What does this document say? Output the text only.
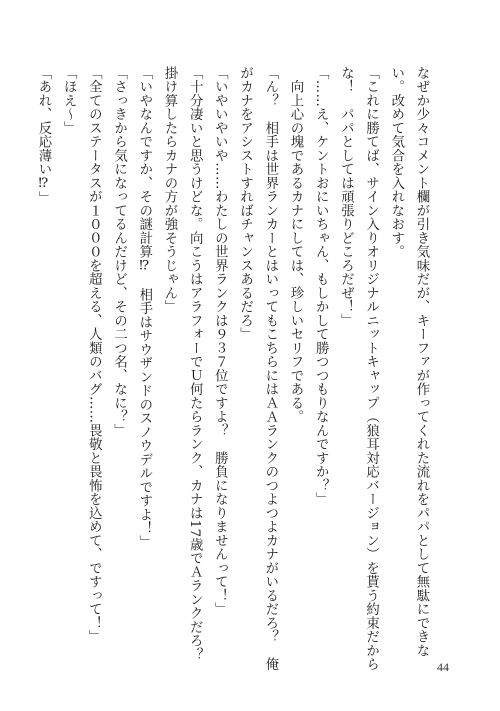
なぜか少々コメント欄が引き気味だが、キーファが作ってくれた流れをパパとして無駄にできな
い。改めて気合を入れなおす。
「これに勝てば、サイン入りオリジナルニットキャップ（狼耳対応バージョン）を貰う約束だから
な！　パパとしては頑張りどころだぜ！」
「……え、ケントおにいちゃん、もしかして勝つつもりなんですか？」
　向上心の塊であるカナにしては、珍しいセリフである。
「ん？　相手は世界ランカーとはいってもこちらにはＡＡランクのつよつよカナがいるだろ？　俺
がカナをアシストすればチャンスあるだろ」
「いやいやいや……わたしの世界ランクは９３７位ですよ？　勝負になりませんって！」
「十分凄いと思うけどな。向こうはアラフォーでＵ何たらランク、カナは17歳でＡランクだろ？
掛け算したらカナの方が強そうじゃん」
「いやなんですか、その謎計算⁉　相手はサウザンドのスノウデルですよ！」
「さっきから気になってるんだけど、その二つ名、なに？」
「全てのステータスが１０００を超える、人類のバグ……畏敬と畏怖を込めて、ですって！」
「ほえ～」
「あれ、反応薄い⁉」
44
